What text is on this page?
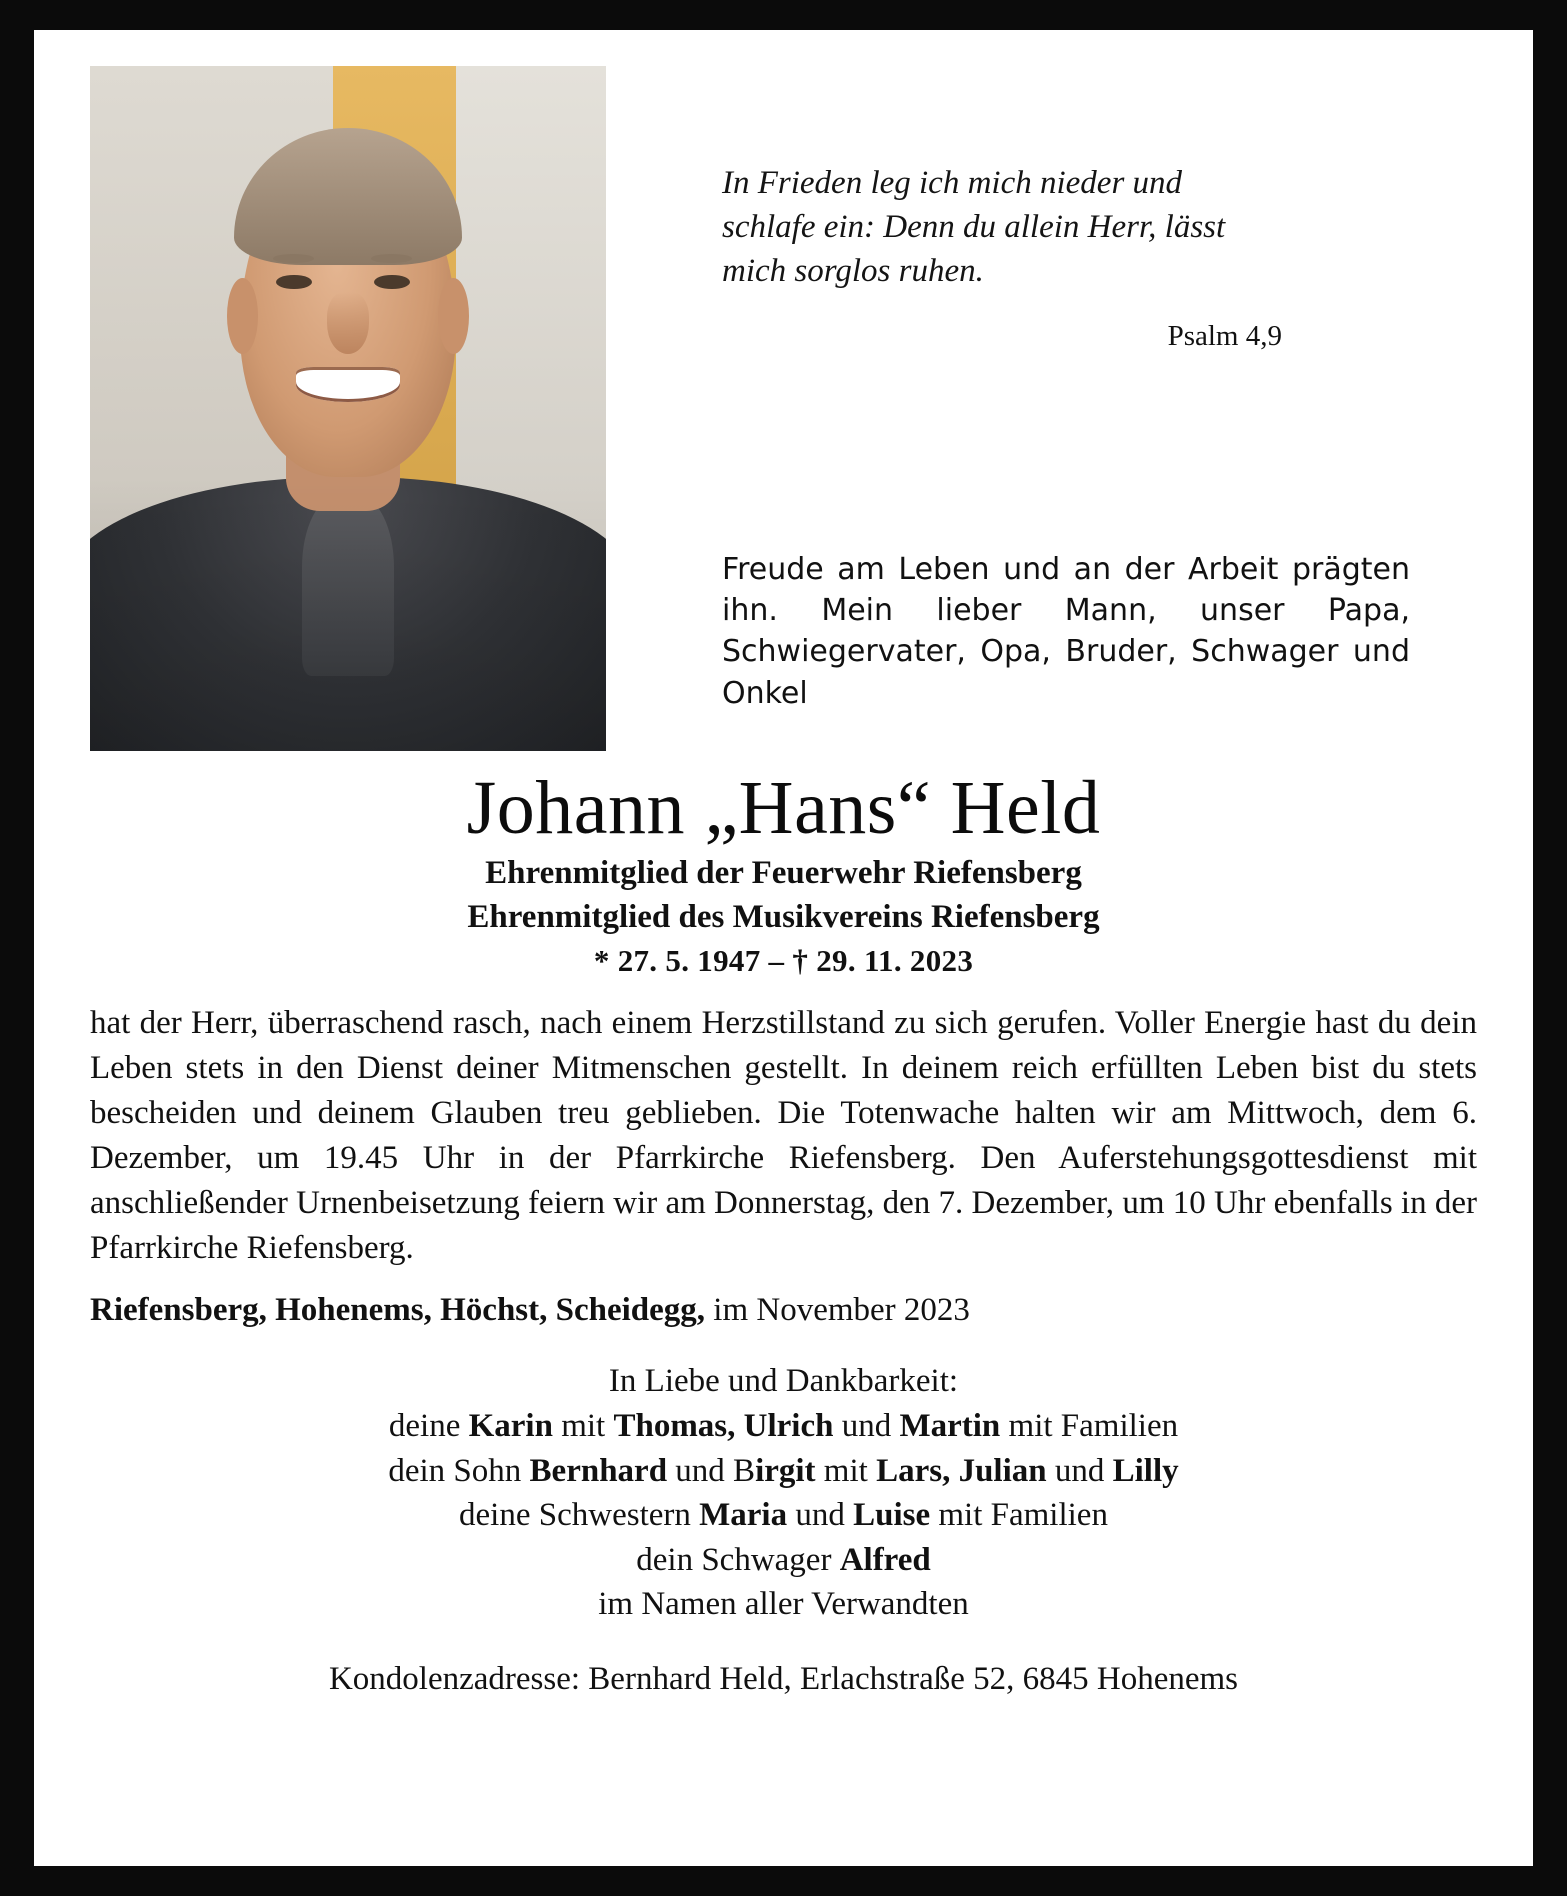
In Frieden leg ich mich nieder und schlafe ein: Denn du allein Herr, lässt mich sorglos ruhen.
Psalm 4,9
Freude am Leben und an der Arbeit prägten ihn. Mein lieber Mann, unser Papa, Schwiegervater, Opa, Bruder, Schwager und Onkel
Johann „Hans“ Held
Ehrenmitglied der Feuerwehr Riefensberg
Ehrenmitglied des Musikvereins Riefensberg
* 27. 5. 1947 – † 29. 11. 2023
hat der Herr, überraschend rasch, nach einem Herzstillstand zu sich gerufen. Voller Energie hast du dein Leben stets in den Dienst deiner Mitmenschen gestellt. In deinem reich erfüllten Leben bist du stets bescheiden und deinem Glauben treu geblieben. Die Totenwache halten wir am Mittwoch, dem 6. Dezember, um 19.45 Uhr in der Pfarrkirche Riefensberg. Den Auferstehungsgottesdienst mit anschließender Urnenbeisetzung feiern wir am Donnerstag, den 7. Dezember, um 10 Uhr ebenfalls in der Pfarrkirche Riefensberg.
Riefensberg, Hohenems, Höchst, Scheidegg, im November 2023
In Liebe und Dankbarkeit:
deine Karin mit Thomas, Ulrich und Martin mit Familien
dein Sohn Bernhard und Birgit mit Lars, Julian und Lilly
deine Schwestern Maria und Luise mit Familien
dein Schwager Alfred
im Namen aller Verwandten
Kondolenzadresse: Bernhard Held, Erlachstraße 52, 6845 Hohenems
